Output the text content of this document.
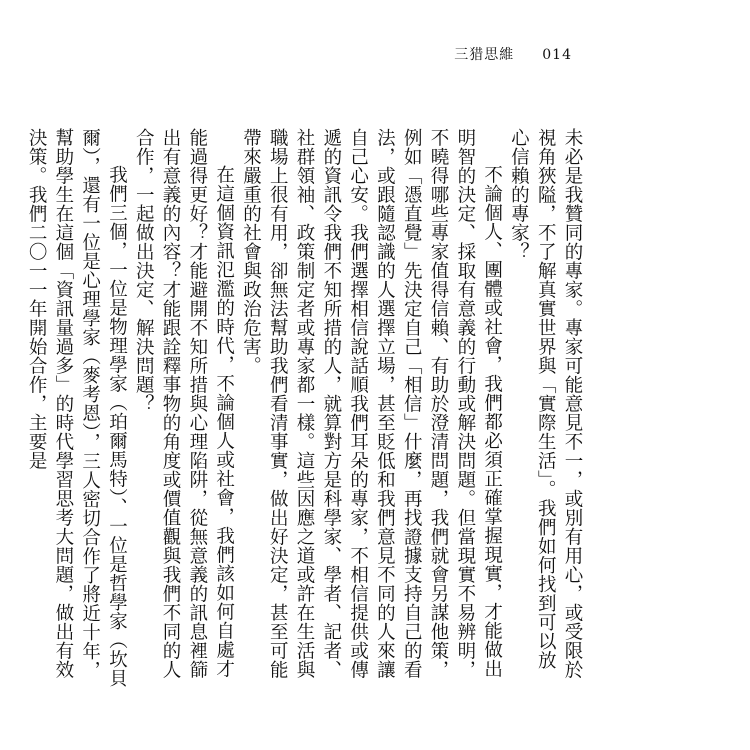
三猎思維 014

未必是我贊同的專家。專家可能意見不一，或別有用心，或受限於視角狹隘，不了解真實世界與「實際生活」。我們如何找到可以放心信賴的專家？

不論個人、團體或社會，我們都必須正確掌握現實，才能做出明智的決定、採取有意義的行動或解決問題。但當現實不易辨明，不曉得哪些專家值得信賴、有助於澄清問題，我們就會另謀他策，例如「憑直覺」先決定自己「相信」什麼，再找證據支持自己的看法，或跟隨認識的人選擇立場，甚至貶低和我們意見不同的人來讓自己心安。我們選擇相信說話順我們耳朵的專家，不相信提供或傳遞的資訊令我們不知所措的人，就算對方是科學家、學者、記者、社群領袖、政策制定者或專家都一樣。這些因應之道或許在生活與職場上很有用，卻無法幫助我們看清事實，做出好決定，甚至可能帶來嚴重的社會與政治危害。

在這個資訊氾濫的時代，不論個人或社會，我們該如何自處才能過得更好？才能避開不知所措與心理陷阱，從無意義的訊息裡篩出有意義的內容？才能跟詮釋事物的角度或價值觀與我們不同的人合作，一起做出決定、解決問題？

我們三個，一位是物理學家（珀爾馬特）、一位是哲學家（坎貝爾），還有一位是心理學家（麥考恩），三人密切合作了將近十年，幫助學生在這個「資訊量過多」的時代學習思考大問題，做出有效決策。我們二〇一一年開始合作，主要是
